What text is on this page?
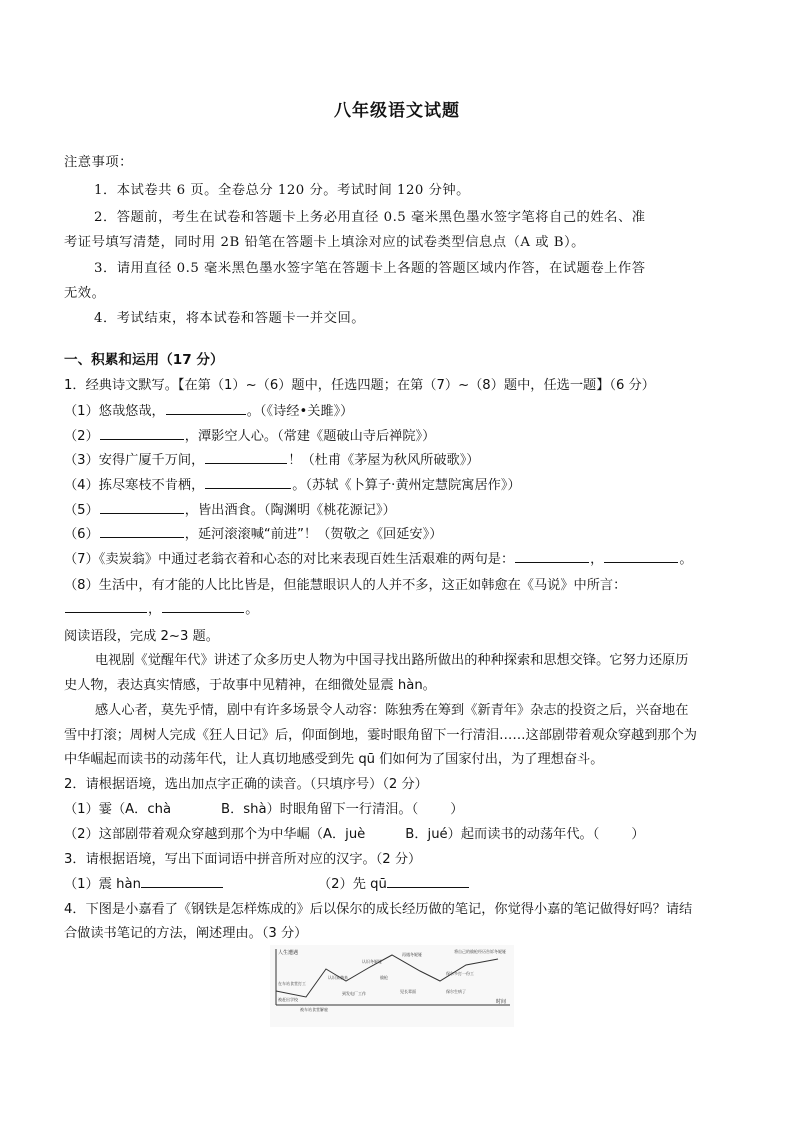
八年级语文试题
注意事项：
1．本试卷共 6 页。全卷总分 120 分。考试时间 120 分钟。
2．答题前，考生在试卷和答题卡上务必用直径 0.5 毫米黑色墨水签字笔将自己的姓名、准
考证号填写清楚，同时用 2B 铅笔在答题卡上填涂对应的试卷类型信息点（A 或 B）。
3．请用直径 0.5 毫米黑色墨水签字笔在答题卡上各题的答题区域内作答，在试题卷上作答
无效。
4．考试结束，将本试卷和答题卡一并交回。
一、积累和运用（17 分）
1．经典诗文默写。【在第（1）~（6）题中，任选四题；在第（7）~（8）题中，任选一题】（6 分）
（1）悠哉悠哉，	。（《诗经•关雎》）
（2）	，潭影空人心。（常建《题破山寺后禅院》）
（3）安得广厦千万间，	！（杜甫《茅屋为秋风所破歌》）
（4）拣尽寒枝不肯栖，	。（苏轼《卜算子·黄州定慧院寓居作》）
（5）	，皆出酒食。（陶渊明《桃花源记》）
（6）	，延河滚滚喊“前进”！（贺敬之《回延安》）
（7）《卖炭翁》中通过老翁衣着和心态的对比来表现百姓生活艰难的两句是：	，	。
（8）生活中，有才能的人比比皆是，但能慧眼识人的人并不多，这正如韩愈在《马说》中所言：
，	。
阅读语段，完成 2~3 题。
电视剧《觉醒年代》讲述了众多历史人物为中国寻找出路所做出的种种探索和思想交锋。它努力还原历
史人物，表达真实情感，于故事中见精神，在细微处显震 hàn。
感人心者，莫先乎情，剧中有许多场景令人动容：陈独秀在筹到《新青年》杂志的投资之后，兴奋地在
雪中打滚；周树人完成《狂人日记》后，仰面倒地，霎时眼角留下一行清泪……这部剧带着观众穿越到那个为
中华崛起而读书的动荡年代，让人真切地感受到先 qū 们如何为了国家付出，为了理想奋斗。
2．请根据语境，选出加点字正确的读音。（只填序号）（2 分）
（1）霎（A．chà	B．shà）时眼角留下一行清泪。（ ）
（2）这部剧带着观众穿越到那个为中华崛（A．juè	B．jué）起而读书的动荡年代。（ ）
3．请根据语境，写出下面词语中拼音所对应的汉字。（2 分）
（1）震 hàn	（2）先 qū
4．下图是小嘉看了《钢铁是怎样炼成的》后以保尔的成长经历做的笔记，你觉得小嘉的笔记做得好吗？请结
合做读书笔记的方法，阐述理由。（3 分）
人生遭遇
时间
在车站食堂打工
被赶出学校
被车站食堂解雇
认识朱赫来
认识冬妮娅
到发电厂工作
偷枪
再遇冬妮娅
见长辈面
保尔多打一份工
保尔生病了
将自己的偷枪经历告诉冬妮娅
